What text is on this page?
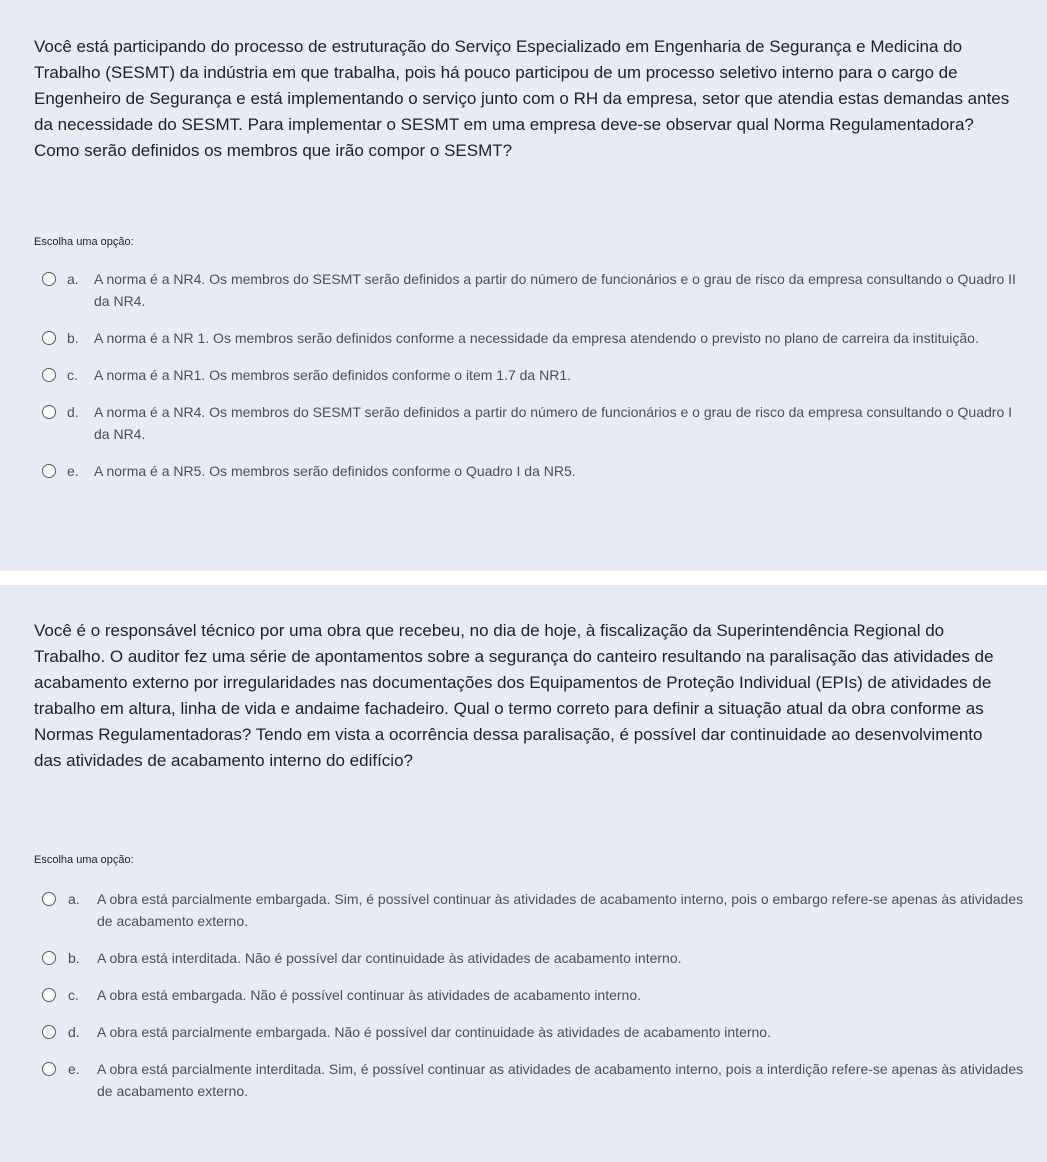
Você está participando do processo de estruturação do Serviço Especializado em Engenharia de Segurança e Medicina do Trabalho (SESMT) da indústria em que trabalha, pois há pouco participou de um processo seletivo interno para o cargo de Engenheiro de Segurança e está implementando o serviço junto com o RH da empresa, setor que atendia estas demandas antes da necessidade do SESMT. Para implementar o SESMT em uma empresa deve-se observar qual Norma Regulamentadora? Como serão definidos os membros que irão compor o SESMT?

Escolha uma opção:

a. A norma é a NR4. Os membros do SESMT serão definidos a partir do número de funcionários e o grau de risco da empresa consultando o Quadro II da NR4.
b. A norma é a NR 1. Os membros serão definidos conforme a necessidade da empresa atendendo o previsto no plano de carreira da instituição.
c. A norma é a NR1. Os membros serão definidos conforme o item 1.7 da NR1.
d. A norma é a NR4. Os membros do SESMT serão definidos a partir do número de funcionários e o grau de risco da empresa consultando o Quadro I da NR4.
e. A norma é a NR5. Os membros serão definidos conforme o Quadro I da NR5.

Você é o responsável técnico por uma obra que recebeu, no dia de hoje, à fiscalização da Superintendência Regional do Trabalho. O auditor fez uma série de apontamentos sobre a segurança do canteiro resultando na paralisação das atividades de acabamento externo por irregularidades nas documentações dos Equipamentos de Proteção Individual (EPIs) de atividades de trabalho em altura, linha de vida e andaime fachadeiro. Qual o termo correto para definir a situação atual da obra conforme as Normas Regulamentadoras? Tendo em vista a ocorrência dessa paralisação, é possível dar continuidade ao desenvolvimento das atividades de acabamento interno do edifício?

Escolha uma opção:

a. A obra está parcialmente embargada. Sim, é possível continuar às atividades de acabamento interno, pois o embargo refere-se apenas às atividades de acabamento externo.
b. A obra está interditada. Não é possível dar continuidade às atividades de acabamento interno.
c. A obra está embargada. Não é possível continuar às atividades de acabamento interno.
d. A obra está parcialmente embargada. Não é possível dar continuidade às atividades de acabamento interno.
e. A obra está parcialmente interditada. Sim, é possível continuar as atividades de acabamento interno, pois a interdição refere-se apenas às atividades de acabamento externo.
